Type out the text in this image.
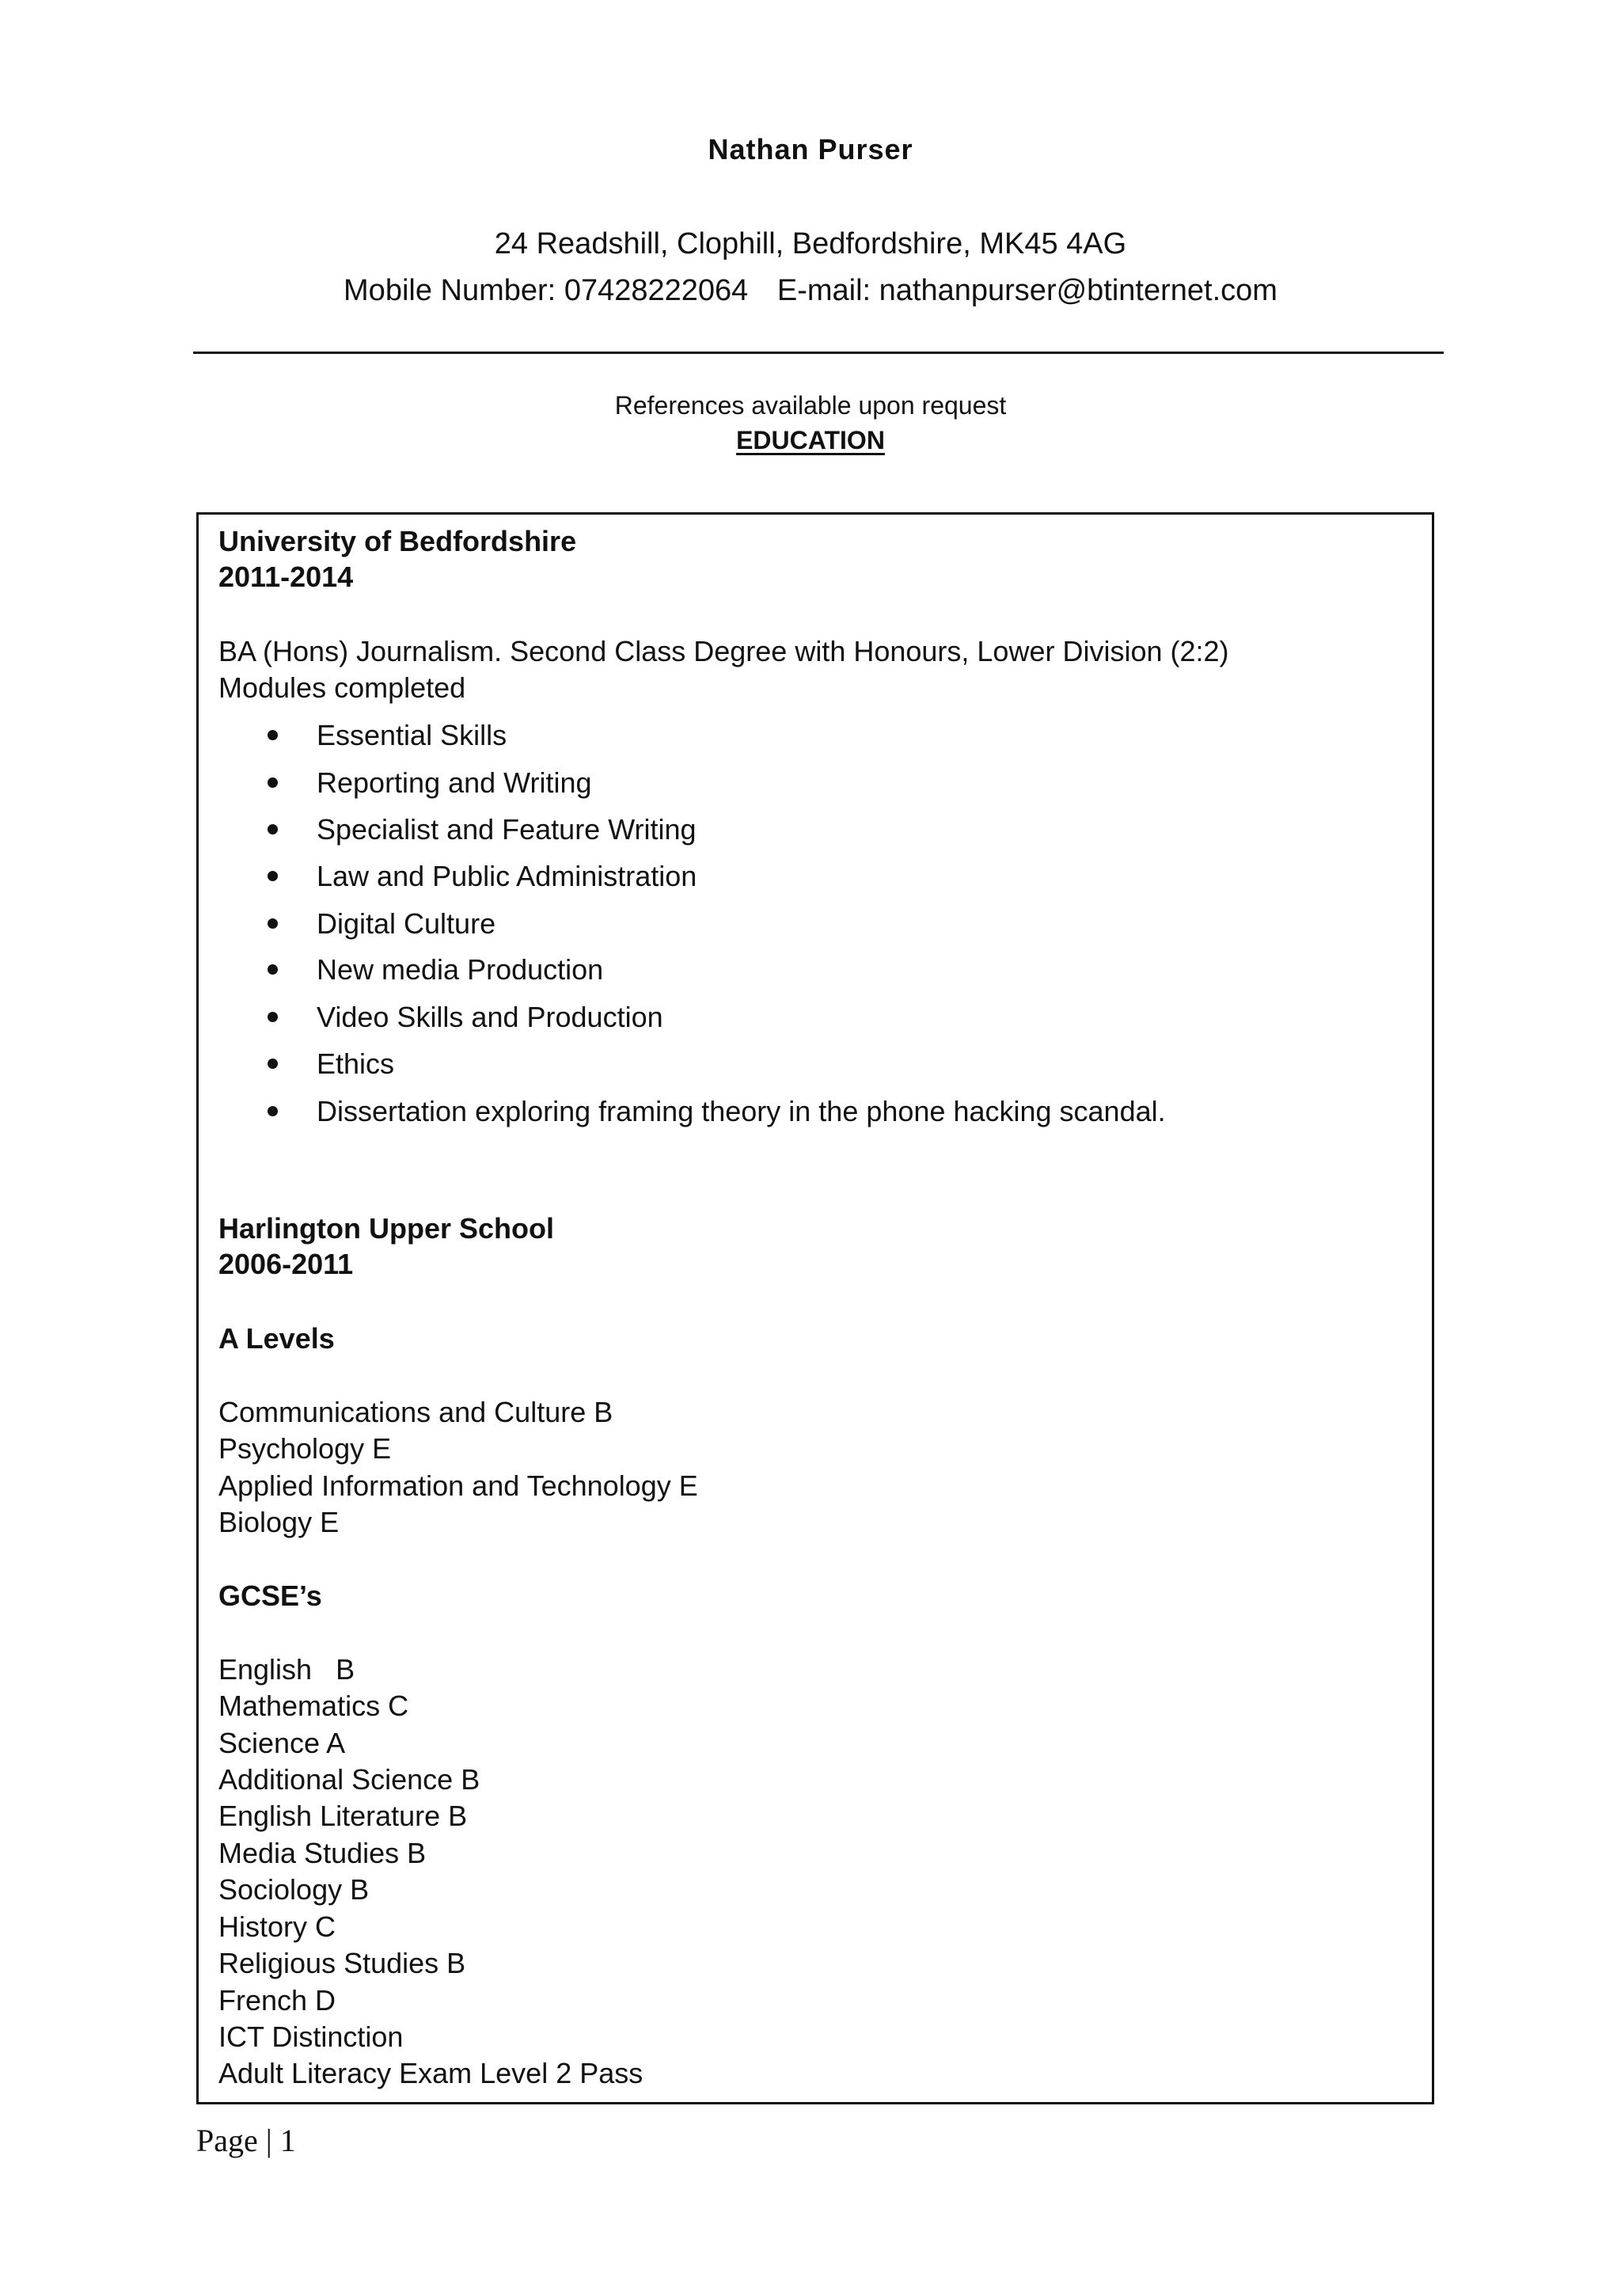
Nathan Purser
24 Readshill, Clophill, Bedfordshire, MK45 4AG
Mobile Number: 07428222064 E-mail: nathanpurser@btinternet.com
References available upon request
EDUCATION
University of Bedfordshire
2011-2014
BA (Hons) Journalism. Second Class Degree with Honours, Lower Division (2:2)
Modules completed
Essential Skills
Reporting and Writing
Specialist and Feature Writing
Law and Public Administration
Digital Culture
New media Production
Video Skills and Production
Ethics
Dissertation exploring framing theory in the phone hacking scandal.
Harlington Upper School
2006-2011
A Levels
Communications and Culture B
Psychology E
Applied Information and Technology E
Biology E
GCSE’s
English   B
Mathematics C
Science A
Additional Science B
English Literature B
Media Studies B
Sociology B
History C
Religious Studies B
French D
ICT Distinction
Adult Literacy Exam Level 2 Pass
Page | 1
